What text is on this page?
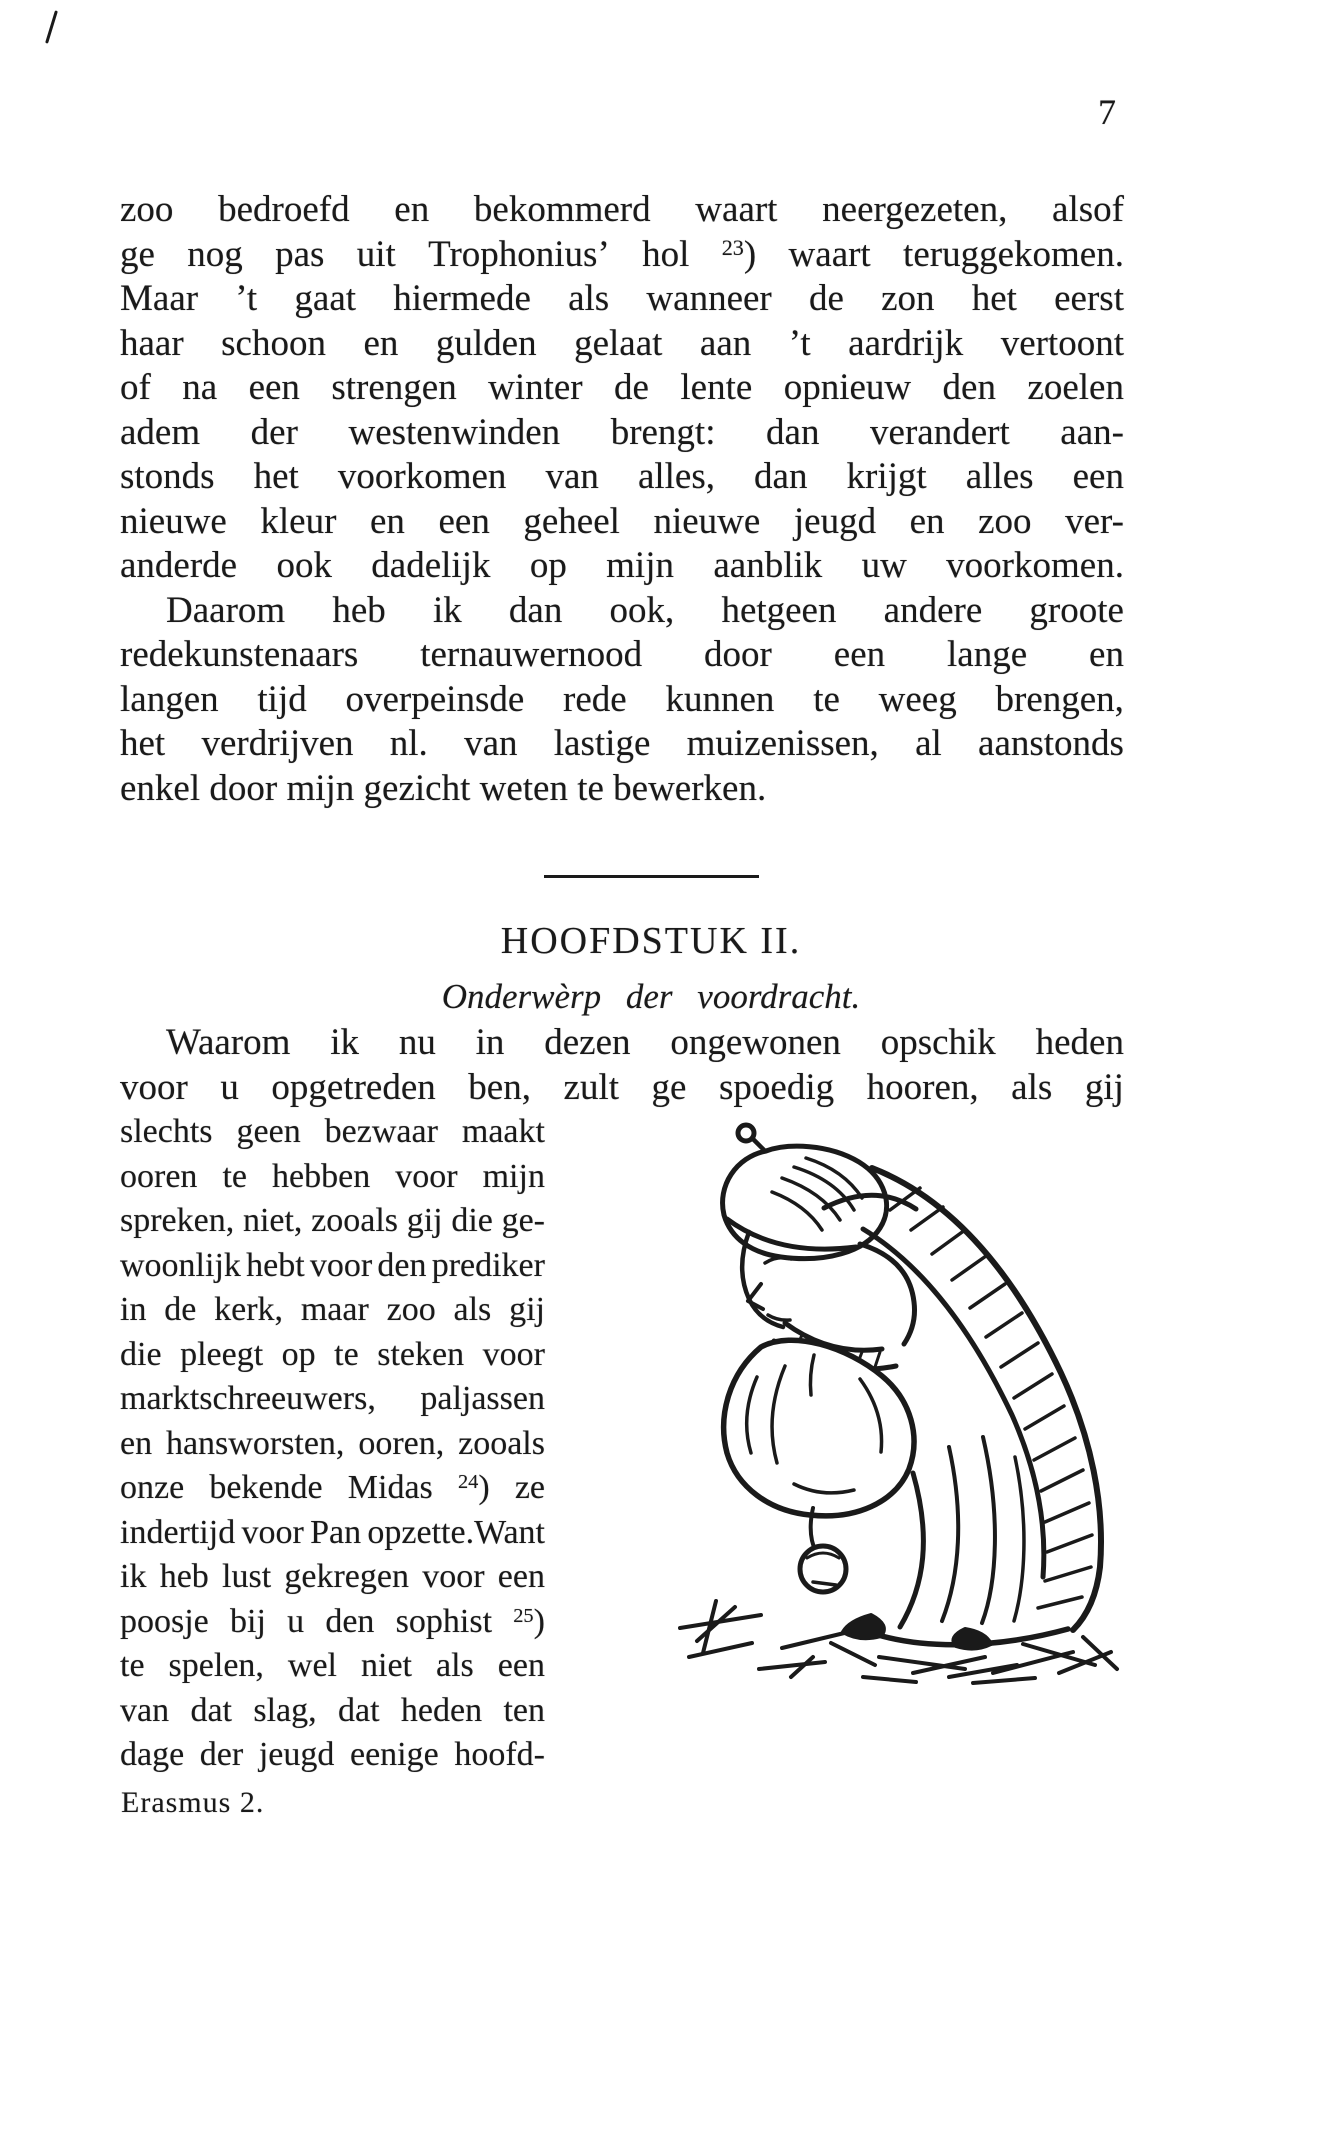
7
zoo bedroefd en bekommerd waart neergezeten, alsof
ge nog pas uit Trophonius’ hol $^{23}$) waart teruggekomen.
Maar ’t gaat hiermede als wanneer de zon het eerst
haar schoon en gulden gelaat aan ’t aardrijk vertoont
of na een strengen winter de lente opnieuw den zoelen
adem der westenwinden brengt: dan verandert aan-
stonds het voorkomen van alles, dan krijgt alles een
nieuwe kleur en een geheel nieuwe jeugd en zoo ver-
anderde ook dadelijk op mijn aanblik uw voorkomen.
Daarom heb ik dan ook, hetgeen andere groote
redekunstenaars ternauwernood door een lange en
langen tijd overpeinsde rede kunnen te weeg brengen,
het verdrijven nl. van lastige muizenissen, al aanstonds
enkel door mijn gezicht weten te bewerken.
HOOFDSTUK II.
Onderwèrp der voordracht.
Waarom ik nu in dezen ongewonen opschik heden
voor u opgetreden ben, zult ge spoedig hooren, als gij
slechts geen bezwaar maakt
ooren te hebben voor mijn
spreken, niet, zooals gij die ge-
woonlijk hebt voor den prediker
in de kerk, maar zoo als gij
die pleegt op te steken voor
marktschreeuwers, paljassen
en hansworsten, ooren, zooals
onze bekende Midas $^{24}$) ze
indertijd voor Pan opzette.Want
ik heb lust gekregen voor een
poosje bij u den sophist $^{25}$)
te spelen, wel niet als een
van dat slag, dat heden ten
dage der jeugd eenige hoofd-
Erasmus 2.
